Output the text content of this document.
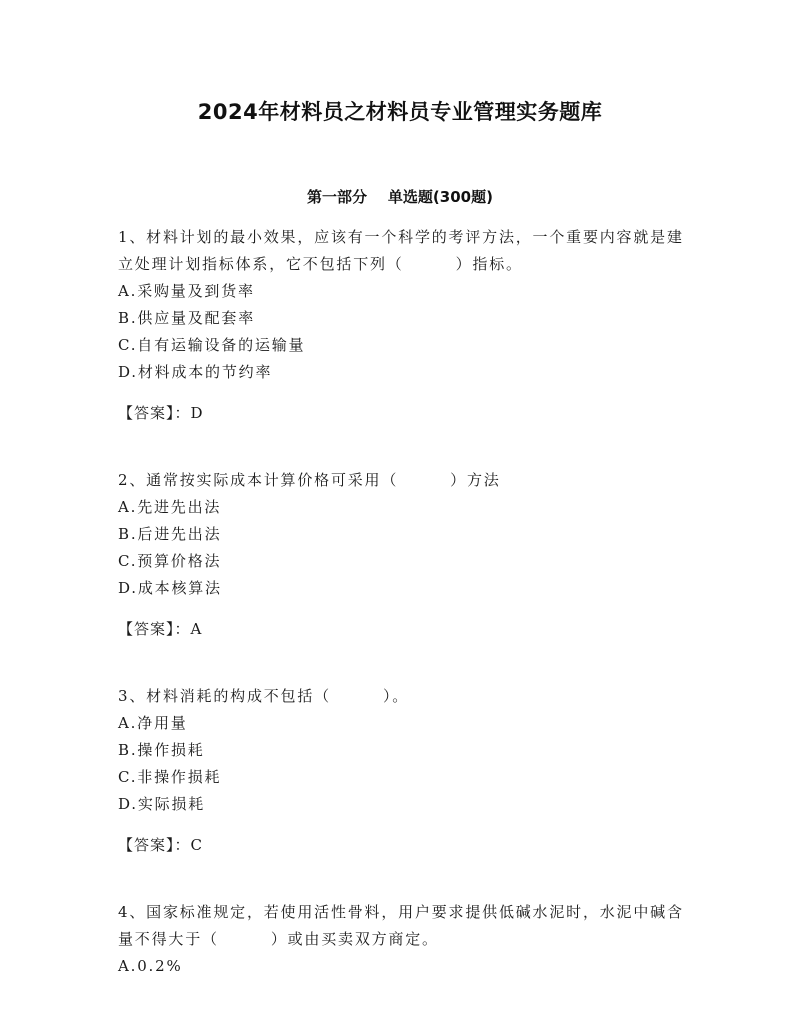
2024年材料员之材料员专业管理实务题库
第一部分    单选题(300题)

1、材料计划的最小效果，应该有一个科学的考评方法，一个重要内容就是建立处理计划指标体系，它不包括下列（	）指标。

A.采购量及到货率

B.供应量及配套率

C.自有运输设备的运输量

D.材料成本的节约率

【答案】：D

2、通常按实际成本计算价格可采用（	）方法

A.先进先出法

B.后进先出法

C.预算价格法

D.成本核算法

【答案】：A

3、材料消耗的构成不包括（	）。

A.净用量

B.操作损耗

C.非操作损耗

D.实际损耗

【答案】：C

4、国家标准规定，若使用活性骨料，用户要求提供低碱水泥时，水泥中碱含量不得大于（	）或由买卖双方商定。

A.0.2%
